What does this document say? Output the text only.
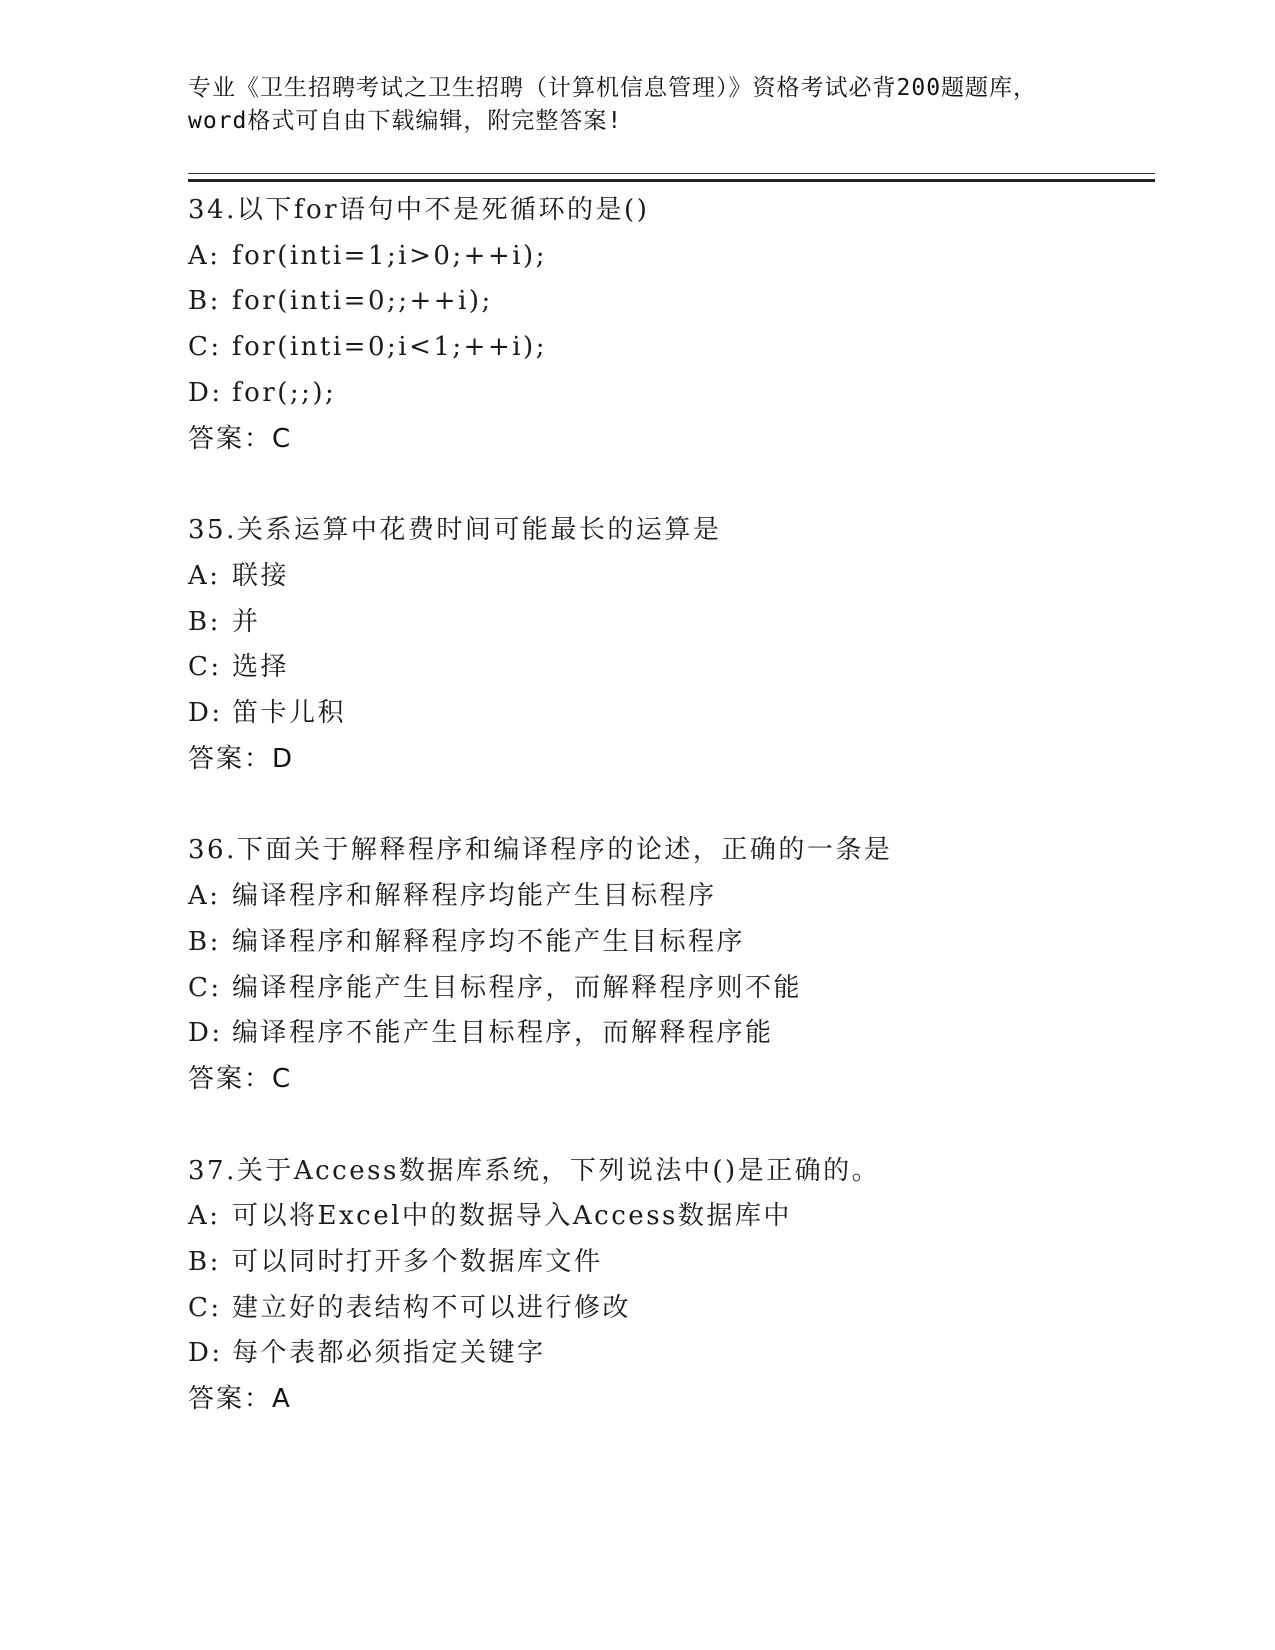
专业《卫生招聘考试之卫生招聘（计算机信息管理）》资格考试必背200题题库，
word格式可自由下载编辑，附完整答案!
34.以下for语句中不是死循环的是()
A: for(inti=1;i>0;++i);
B: for(inti=0;;++i);
C: for(inti=0;i<1;++i);
D: for(;;);
答案：C
35.关系运算中花费时间可能最长的运算是
A: 联接
B: 并
C: 选择
D: 笛卡儿积
答案：D
36.下面关于解释程序和编译程序的论述，正确的一条是
A: 编译程序和解释程序均能产生目标程序
B: 编译程序和解释程序均不能产生目标程序
C: 编译程序能产生目标程序，而解释程序则不能
D: 编译程序不能产生目标程序，而解释程序能
答案：C
37.关于Access数据库系统，下列说法中()是正确的。
A: 可以将Excel中的数据导入Access数据库中
B: 可以同时打开多个数据库文件
C: 建立好的表结构不可以进行修改
D: 每个表都必须指定关键字
答案：A
